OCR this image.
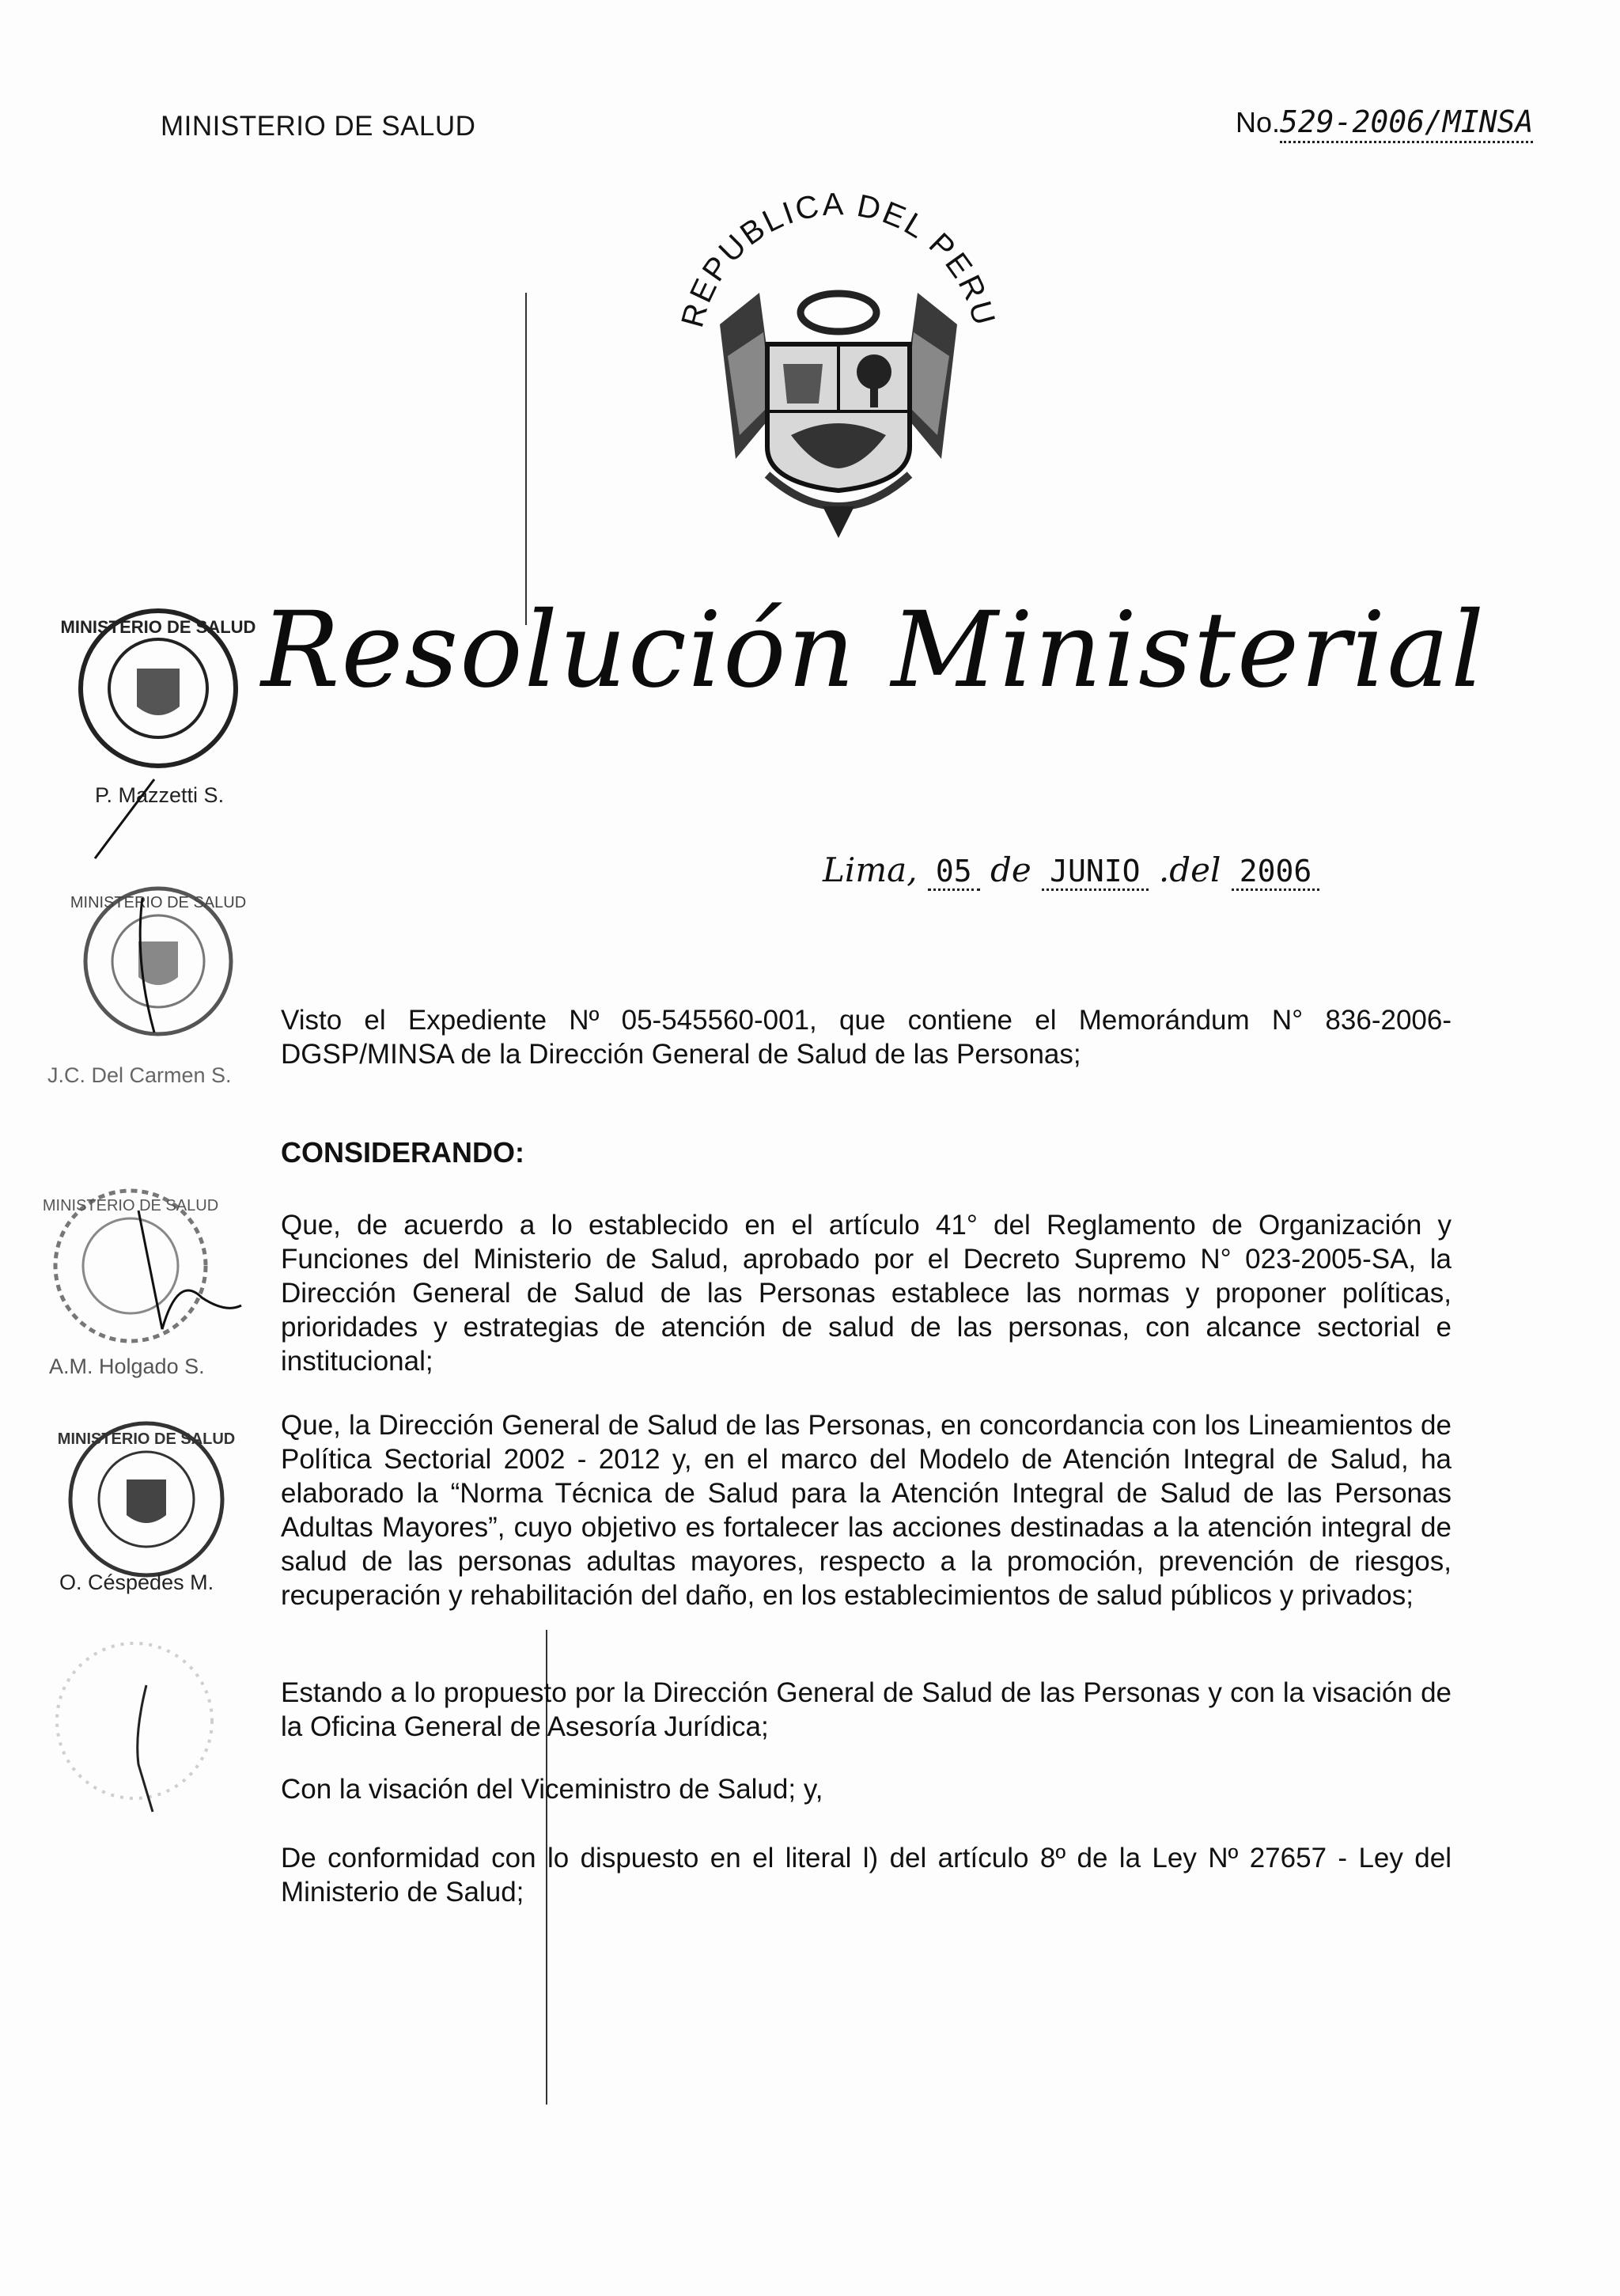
MINISTERIO DE SALUD	No.529-2006/MINSA
REPUBLICA DEL PERU
Resolución Ministerial
Lima, 05 de JUNIO .del 2006
MINISTERIO DE SALUD
P. Mazzetti S.
MINISTERIO DE SALUD
J.C. Del Carmen S.
MINISTERIO DE SALUD
A.M. Holgado S.
MINISTERIO DE SALUD
O. Céspedes M.

Visto el Expediente Nº 05-545560-001, que contiene el Memorándum N° 836-2006-DGSP/MINSA de la Dirección General de Salud de las Personas;

CONSIDERANDO:

Que, de acuerdo a lo establecido en el artículo 41° del Reglamento de Organización y Funciones del Ministerio de Salud, aprobado por el Decreto Supremo N° 023-2005-SA, la Dirección General de Salud de las Personas establece las normas y proponer políticas, prioridades y estrategias de atención de salud de las personas, con alcance sectorial e institucional;

Que, la Dirección General de Salud de las Personas, en concordancia con los Lineamientos de Política Sectorial 2002 - 2012 y, en el marco del Modelo de Atención Integral de Salud, ha elaborado la “Norma Técnica de Salud para la Atención Integral de Salud de las Personas Adultas Mayores”, cuyo objetivo es fortalecer las acciones destinadas a la atención integral de salud de las personas adultas mayores, respecto a la promoción, prevención de riesgos, recuperación y rehabilitación del daño, en los establecimientos de salud públicos y privados;

Estando a lo propuesto por la Dirección General de Salud de las Personas y con la visación de la Oficina General de Asesoría Jurídica;

Con la visación del Viceministro de Salud; y,

De conformidad con lo dispuesto en el literal l) del artículo 8º de la Ley Nº 27657 - Ley del Ministerio de Salud;
